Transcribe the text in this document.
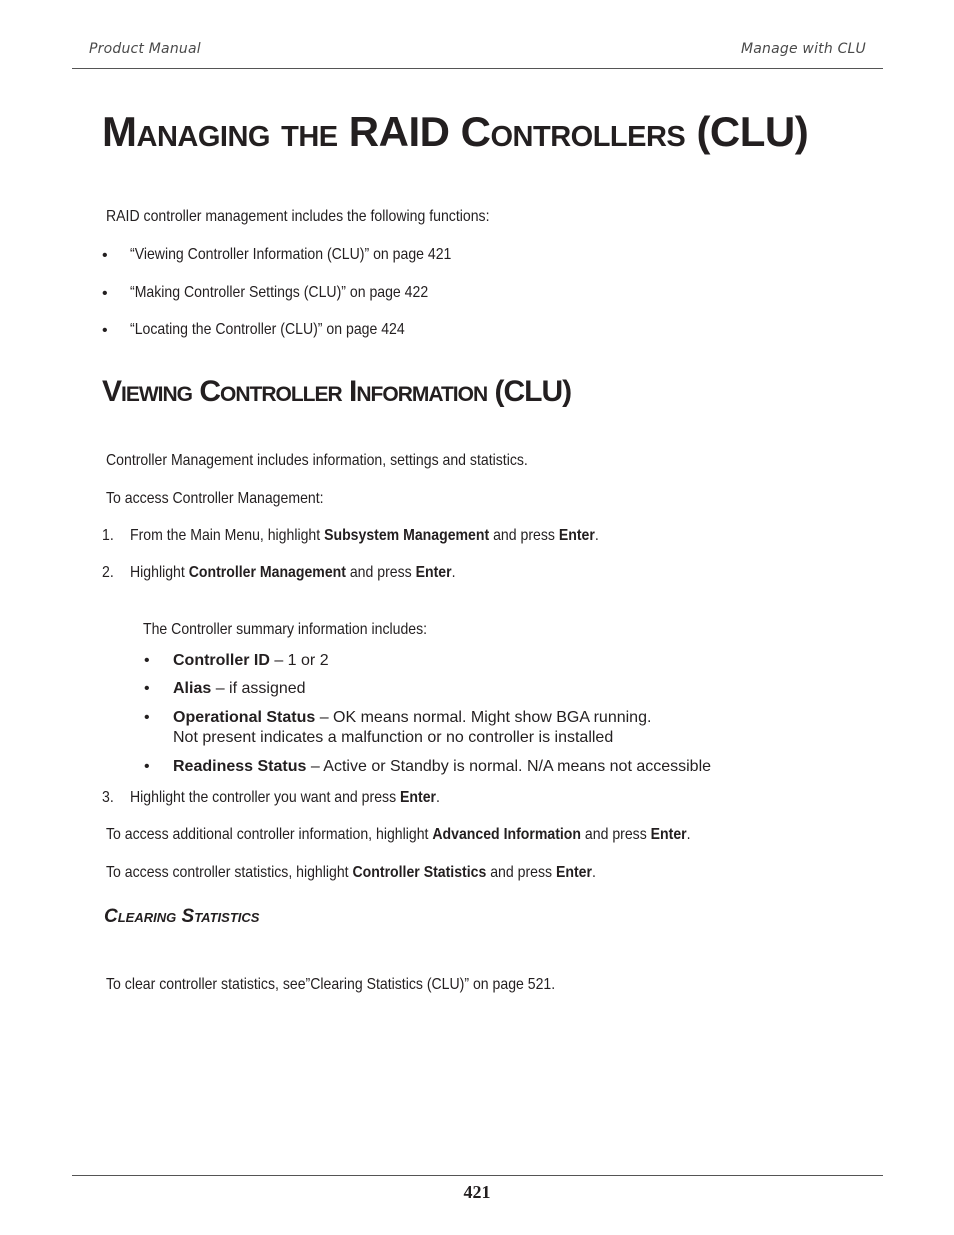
Product Manual	Manage with CLU
Managing the RAID Controllers (CLU)
RAID controller management includes the following functions:
• “Viewing Controller Information (CLU)” on page 421
• “Making Controller Settings (CLU)” on page 422
• “Locating the Controller (CLU)” on page 424
Viewing Controller Information (CLU)
Controller Management includes information, settings and statistics.
To access Controller Management:
1. From the Main Menu, highlight Subsystem Management and press Enter.
2. Highlight Controller Management and press Enter.
The Controller summary information includes:
• Controller ID – 1 or 2
• Alias – if assigned
• Operational Status – OK means normal. Might show BGA running.
Not present indicates a malfunction or no controller is installed
• Readiness Status – Active or Standby is normal. N/A means not accessible
3. Highlight the controller you want and press Enter.
To access additional controller information, highlight Advanced Information and press Enter.
To access controller statistics, highlight Controller Statistics and press Enter.
Clearing Statistics
To clear controller statistics, see”Clearing Statistics (CLU)” on page 521.
421
